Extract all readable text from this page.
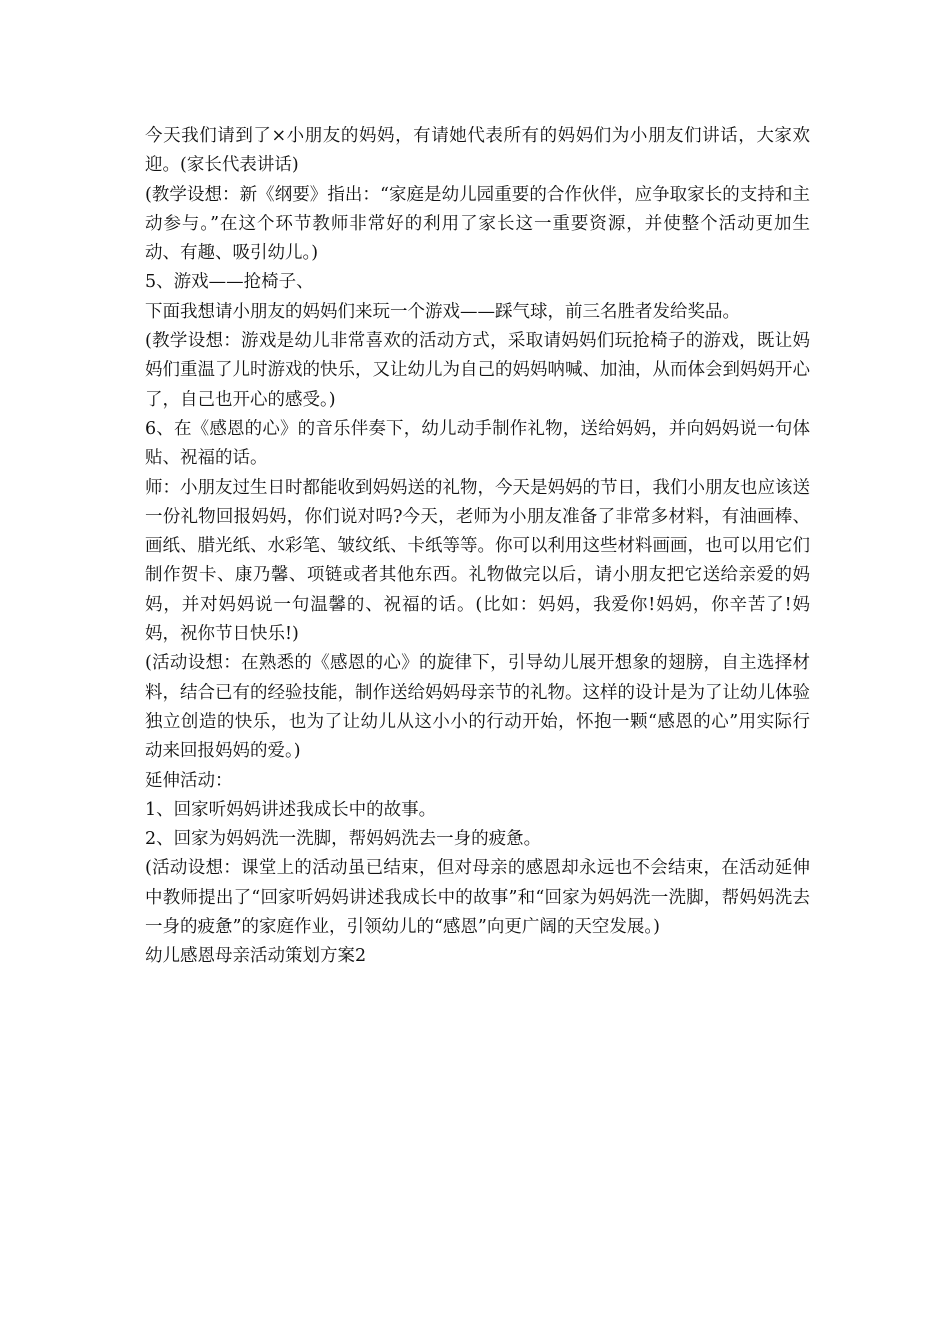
今天我们请到了×小朋友的妈妈，有请她代表所有的妈妈们为小朋友们讲话，大家欢迎。(家长代表讲话)

(教学设想：新《纲要》指出：“家庭是幼儿园重要的合作伙伴，应争取家长的支持和主动参与。”在这个环节教师非常好的利用了家长这一重要资源，并使整个活动更加生动、有趣、吸引幼儿。)

5、游戏——抢椅子、

下面我想请小朋友的妈妈们来玩一个游戏——踩气球，前三名胜者发给奖品。

(教学设想：游戏是幼儿非常喜欢的活动方式，采取请妈妈们玩抢椅子的游戏，既让妈妈们重温了儿时游戏的快乐，又让幼儿为自己的妈妈呐喊、加油，从而体会到妈妈开心了，自己也开心的感受。)

6、在《感恩的心》的音乐伴奏下，幼儿动手制作礼物，送给妈妈，并向妈妈说一句体贴、祝福的话。

师：小朋友过生日时都能收到妈妈送的礼物，今天是妈妈的节日，我们小朋友也应该送一份礼物回报妈妈，你们说对吗?今天，老师为小朋友准备了非常多材料，有油画棒、画纸、腊光纸、水彩笔、皱纹纸、卡纸等等。你可以利用这些材料画画，也可以用它们制作贺卡、康乃馨、项链或者其他东西。礼物做完以后，请小朋友把它送给亲爱的妈妈，并对妈妈说一句温馨的、祝福的话。(比如：妈妈，我爱你!妈妈，你辛苦了!妈妈，祝你节日快乐!)

(活动设想：在熟悉的《感恩的心》的旋律下，引导幼儿展开想象的翅膀，自主选择材料，结合已有的经验技能，制作送给妈妈母亲节的礼物。这样的设计是为了让幼儿体验独立创造的快乐，也为了让幼儿从这小小的行动开始，怀抱一颗“感恩的心”用实际行动来回报妈妈的爱。)

延伸活动：

1、回家听妈妈讲述我成长中的故事。

2、回家为妈妈洗一洗脚，帮妈妈洗去一身的疲惫。

(活动设想：课堂上的活动虽已结束，但对母亲的感恩却永远也不会结束，在活动延伸中教师提出了“回家听妈妈讲述我成长中的故事”和“回家为妈妈洗一洗脚，帮妈妈洗去一身的疲惫”的家庭作业，引领幼儿的“感恩”向更广阔的天空发展。)

幼儿感恩母亲活动策划方案2
